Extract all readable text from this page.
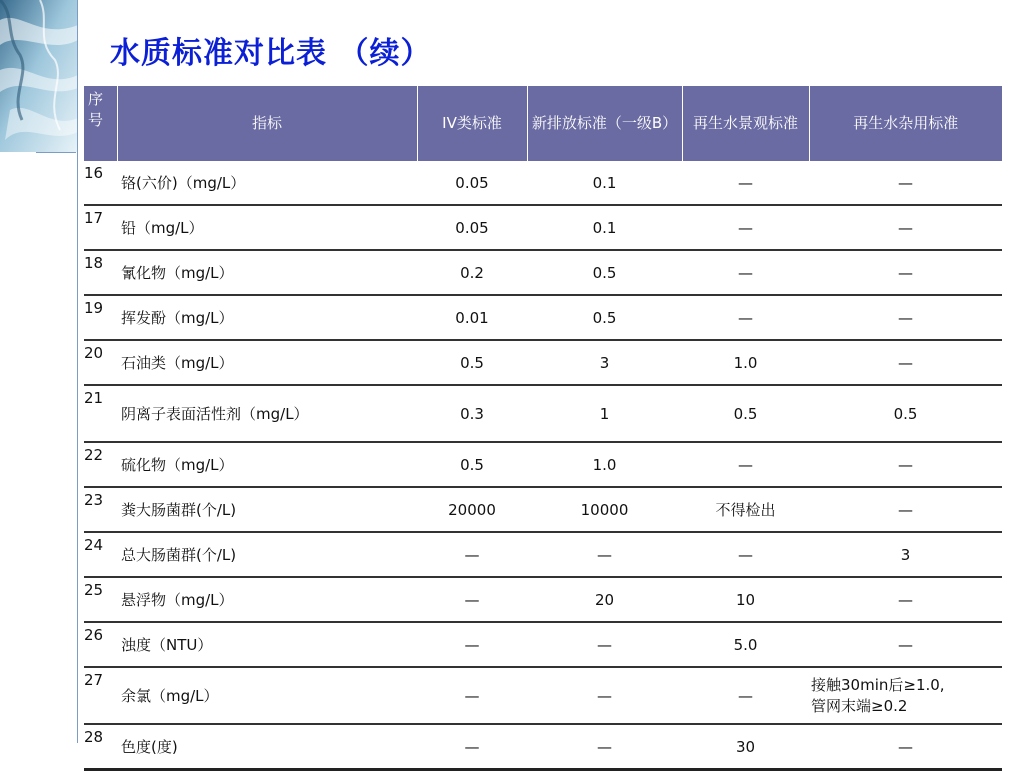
水质标准对比表 （续）
序号	指标	IV类标准	新排放标准（一级B）	再生水景观标准	再生水杂用标准
16	铬(六价)（mg/L）	0.05	0.1	—	—
17	铅（mg/L）	0.05	0.1	—	—
18	氰化物（mg/L）	0.2	0.5	—	—
19	挥发酚（mg/L）	0.01	0.5	—	—
20	石油类（mg/L）	0.5	3	1.0	—
21	阴离子表面活性剂（mg/L）	0.3	1	0.5	0.5
22	硫化物（mg/L）	0.5	1.0	—	—
23	粪大肠菌群(个/L)	20000	10000	不得检出	—
24	总大肠菌群(个/L)	—	—	—	3
25	悬浮物（mg/L）	—	20	10	—
26	浊度（NTU）	—	—	5.0	—
27	余氯（mg/L）	—	—	—	接触30min后≥1.0,
管网末端≥0.2

28	色度(度)	—	—	30	—
